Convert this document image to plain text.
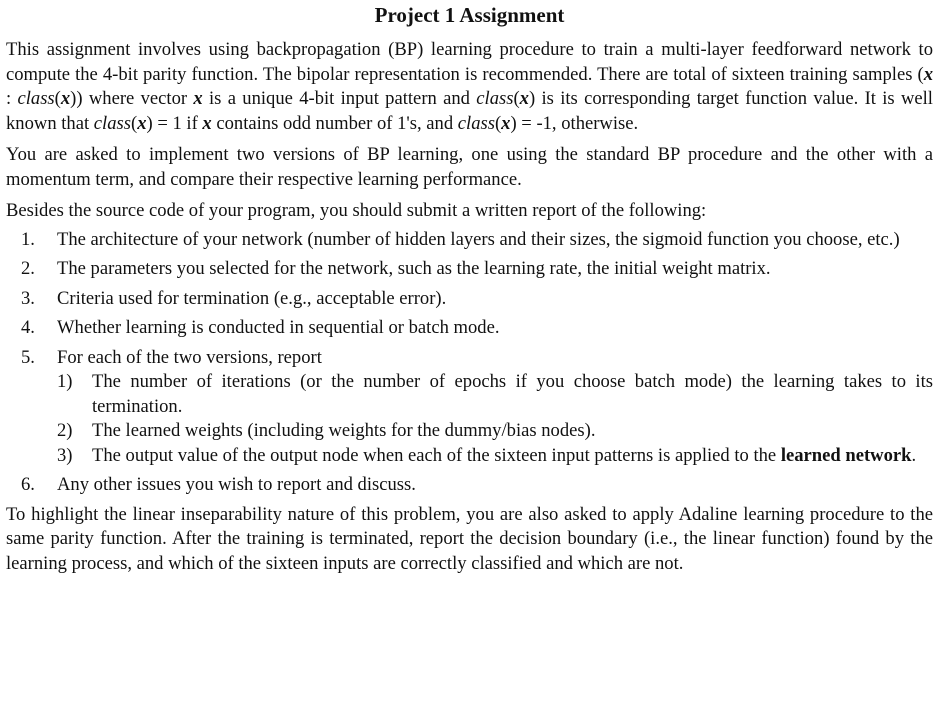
Project 1 Assignment

This assignment involves using backpropagation (BP) learning procedure to train a multi-layer feedforward network to compute the 4-bit parity function. The bipolar representation is recommended. There are total of sixteen training samples (x : class(x)) where vector x is a unique 4-bit input pattern and class(x) is its corresponding target function value. It is well known that class(x) = 1 if x contains odd number of 1's, and class(x) = -1, otherwise.

You are asked to implement two versions of BP learning, one using the standard BP procedure and the other with a momentum term, and compare their respective learning performance.

Besides the source code of your program, you should submit a written report of the following:

1. The architecture of your network (number of hidden layers and their sizes, the sigmoid function you choose, etc.)
2. The parameters you selected for the network, such as the learning rate, the initial weight matrix.
3. Criteria used for termination (e.g., acceptable error).
4. Whether learning is conducted in sequential or batch mode.
5. For each of the two versions, report
1) The number of iterations (or the number of epochs if you choose batch mode) the learning takes to its termination.
2) The learned weights (including weights for the dummy/bias nodes).
3) The output value of the output node when each of the sixteen input patterns is applied to the learned network.
6. Any other issues you wish to report and discuss.

To highlight the linear inseparability nature of this problem, you are also asked to apply Adaline learning procedure to the same parity function. After the training is terminated, report the decision boundary (i.e., the linear function) found by the learning process, and which of the sixteen inputs are correctly classified and which are not.
